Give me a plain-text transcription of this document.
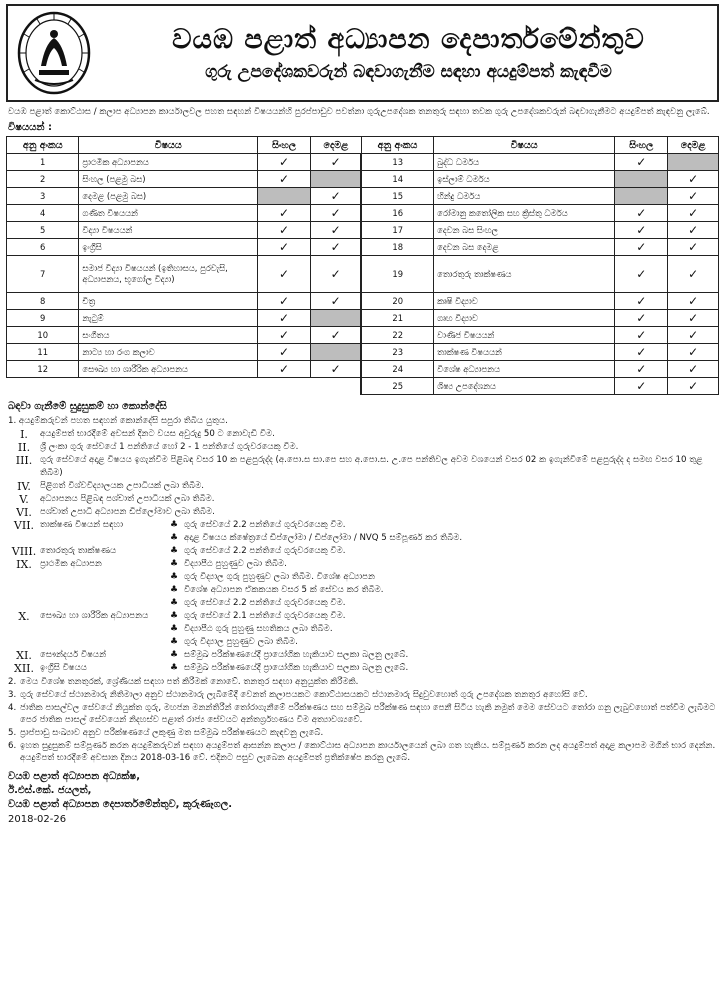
වයඹ පළාත් අධ්‍යාපන දෙපාර්තමේන්තුව
ගුරු උපදේශකවරුන් බඳවාගැනීම සඳහා අයදුම්පත් කැඳවීම

වයඹ පළාත් කොට්ඨාස / කලාප අධ්‍යාපන කාර්යාලවල පහත සඳහන් විෂයයන්හි පුරප්පාඩුව පවත්නා ගුරුඋපදේශක තනතුරු සඳහා තවක ගුරු උපදේශකවරුන් බඳවාගැනීමට අයදුම්පත් කැඳවනු ලැබේ.

විෂයයන් :
අනු අංකය	විෂයය	සිංහල	දෙමළ	අනු අංකය	විෂයය	සිංහල	දෙමළ
1	ප්‍රාථමික අධ්‍යාපනය	✓	✓	13	බුද්ධ ධර්මය	✓	
2	සිංහල (පළමු බස)	✓		14	ඉස්ලාම් ධර්මය		✓
3	දෙමළ (පළමු බස)		✓	15	හින්දු ධර්මය		✓
4	ගණිත විෂයයන්	✓	✓	16	රෝමානු කතෝලික සහ ක්‍රිස්තු ධර්මය	✓	✓
5	විද්‍යා විෂයයන්	✓	✓	17	දෙවන බස සිංහල	✓	✓
6	ඉංග්‍රීසි	✓	✓	18	දෙවන බස දෙමළ	✓	✓
7	සමාජ විද්‍යා විෂයයන් (ඉතිහාසය, පුරවැසි, අධ්‍යාපනය, භූගෝල විද්‍යා)	✓	✓	19	තොරතුරු තාක්ෂණය	✓	✓
8	චිත්‍ර	✓	✓	20	කෘෂි විද්‍යාව	✓	✓
9	නැටුම්	✓		21	ගෘහ විද්‍යාව	✓	✓
10	සංගීතය	✓	✓	22	වාණිජ විෂයයන්	✓	✓
11	නාට්‍ය හා රංග කලාව	✓		23	තාක්ෂණ විෂයයන්	✓	✓
12	සෞඛ්‍ය හා ශාරීරික අධ්‍යාපනය	✓	✓	24	විශේෂ අධ්‍යාපනය	✓	✓
				25	ශිෂ්‍ය උපදේශනය	✓	✓
බඳවා ගැනීමේ සුදුසුකම් හා කොන්දේසි
1. අයදුම්කරුවන් පහත සඳහන් කොන්දේසි සපුරා තිබිය යුතුය.
I.	අයදුම්පත් භාරදීමේ අවසන් දිනට වයස අවුරුදු 50 ට නොවැඩි වීම.
II.	ශ්‍රී ලංකා ගුරු සේවයේ 1 පන්තියේ හෝ 2 - 1 පන්තියේ ගුරුවරයෙකු වීම.
III. ගුරු සේවයේ අදාළ විෂයය ඉගැන්වීම පිළිබඳ වසර 10 ක පළපුරුද්ද (අ.පො.ස සා.පෙ සහ අ.පො.ස. උ.පෙ පන්තිවල අවම වශයෙන් වසර 02 ක ඉගැන්වීමේ පළපුරුද්ද ද සමඟ වසර 10 තුළ තිබීම)
IV.	පිළිගත් විශ්වවිද්‍යාලයක උපාධියක් ලබා තිබීම.
V.	අධ්‍යාපනය පිළිබඳ පශ්චාත් උපාධියක් ලබා තිබීම.
VI. පශ්චාත් උපාධි අධ්‍යාපන ඩිප්ලෝමාව ලබා තිබීම.
VII. තාක්ෂණ විෂයන් සඳහා	♣ ගුරු සේවයේ 2.2 පන්තියේ ගුරුවරයෙකු වීම.
♣ අදාළ විෂයය ක්ෂේත්‍රයේ ඩිප්ලෝමා / ඩිප්ලෝමා / NVQ 5 සම්පූර්ණ කර තිබීම.
VIII. තොරතුරු තාක්ෂණය	♣ ගුරු සේවයේ 2.2 පන්තියේ ගුරුවරයෙකු වීම.
IX. ප්‍රාථමික අධ්‍යාපන	♣ විද්‍යාපීඨ පුහුණුව ලබා තිබීම.
♣ ගුරු විද්‍යාල ගුරු පුහුණුව ලබා තිබීම. විශේෂ අධ්‍යාපන
♣ විශේෂ අධ්‍යාපන ඒකකයක වසර 5 ක් සේවය කර තිබීම.
♣ ගුරු සේවයේ 2.2 පන්තියේ ගුරුවරයෙකු වීම.
X.	සෞඛ්‍ය හා ශාරීරික අධ්‍යාපනය	♣ ගුරු සේවයේ 2.1 පන්තියේ ගුරුවරයෙකු වීම.
♣ විද්‍යාපීඨ ගුරු පුහුණු සහතිකය ලබා තිබීම.
♣ ගුරු විද්‍යාල පුහුණුව ලබා තිබීම.
XI. සෞන්දර්ය විෂයන්	♣ සම්මුඛ පරීක්ෂණයේදී ප්‍රායෝගික හැකියාව සලකා බලනු ලැබේ.
XII. ඉංග්‍රීසි විෂයය	♣ සම්මුඛ පරීක්ෂණයේදී ප්‍රායෝගික හැකියාව සලකා බලනු ලැබේ.
2. මෙය විශේෂ තනතුරක්, ශ්‍රේණියක් සඳහා පත් කිරීමක් නොවේ. තනතුර සඳහා අනුයුක්ත කිරීමකි.
3. ගුරු සේවයේ ස්ථානමාරු නිතිමාලා අනුව ස්ථානමාරු ලැබීමේදී වෙනත් කලාපයකට කොට්ඨාසයකට ස්ථානමාරු සිදුවුවහොත් ගුරු උපදේශක තනතුර අහෝසි වේ.
4. ජාතික පාසල්වල සේවයේ නියුක්ත ගුරු, මහජන මනන්තිරීන් තෝරාගැනීමේ පරීක්ෂණය සහ සම්මුඛ පරීක්ෂණ සඳහා පෙනී සිටිය හැකි නමුත් මෙම සේවයට තෝරා ගනු ලැබුවහොත් පත්වීම ලැබීමට පෙර ජාතික පාසල් සේවයෙන් නිදහස්ව පළාත් රාජ්‍ය සේවයට අන්තර්ග්‍රහණය වීම අත්‍යාවශ්‍යවේ.
5. ප්‍රාප්පාඩු සංඛ්‍යාව අනුව පරීක්ෂණයේ ලකුණු මත සම්මුඛ පරීක්ෂණයට කැඳවනු ලැබේ.
6. ඉහත සුදුසුකම් සම්පූර්ණ කරන අයදුම්කරුවන් සඳහා අයදුම්පත් ආසන්න කලාප / කොට්ඨාස අධ්‍යාපන කාර්යාලයෙන් ලබා ගත හැකිය. සම්පූර්ණ කරන ලද අයදුම්පත් අදාළ කලාපම මගින් භාර දෙන්න. අයදුම්පත් භාරදීමේ අවසාන දිනය 2018-03-16 වේ. එදිනට පසුව ලැබෙන අයදුම්පත් ප්‍රතික්ෂේප කරනු ලැබේ.
වයඹ පළාත් අධ්‍යාපන අධ්‍යක්ෂ,
ඊ.එස්.කේ. ජයලත්,
වයඹ පළාත් අධ්‍යාපන දෙපාර්තමේන්තුව, කුරුණෑගල.
2018-02-26
